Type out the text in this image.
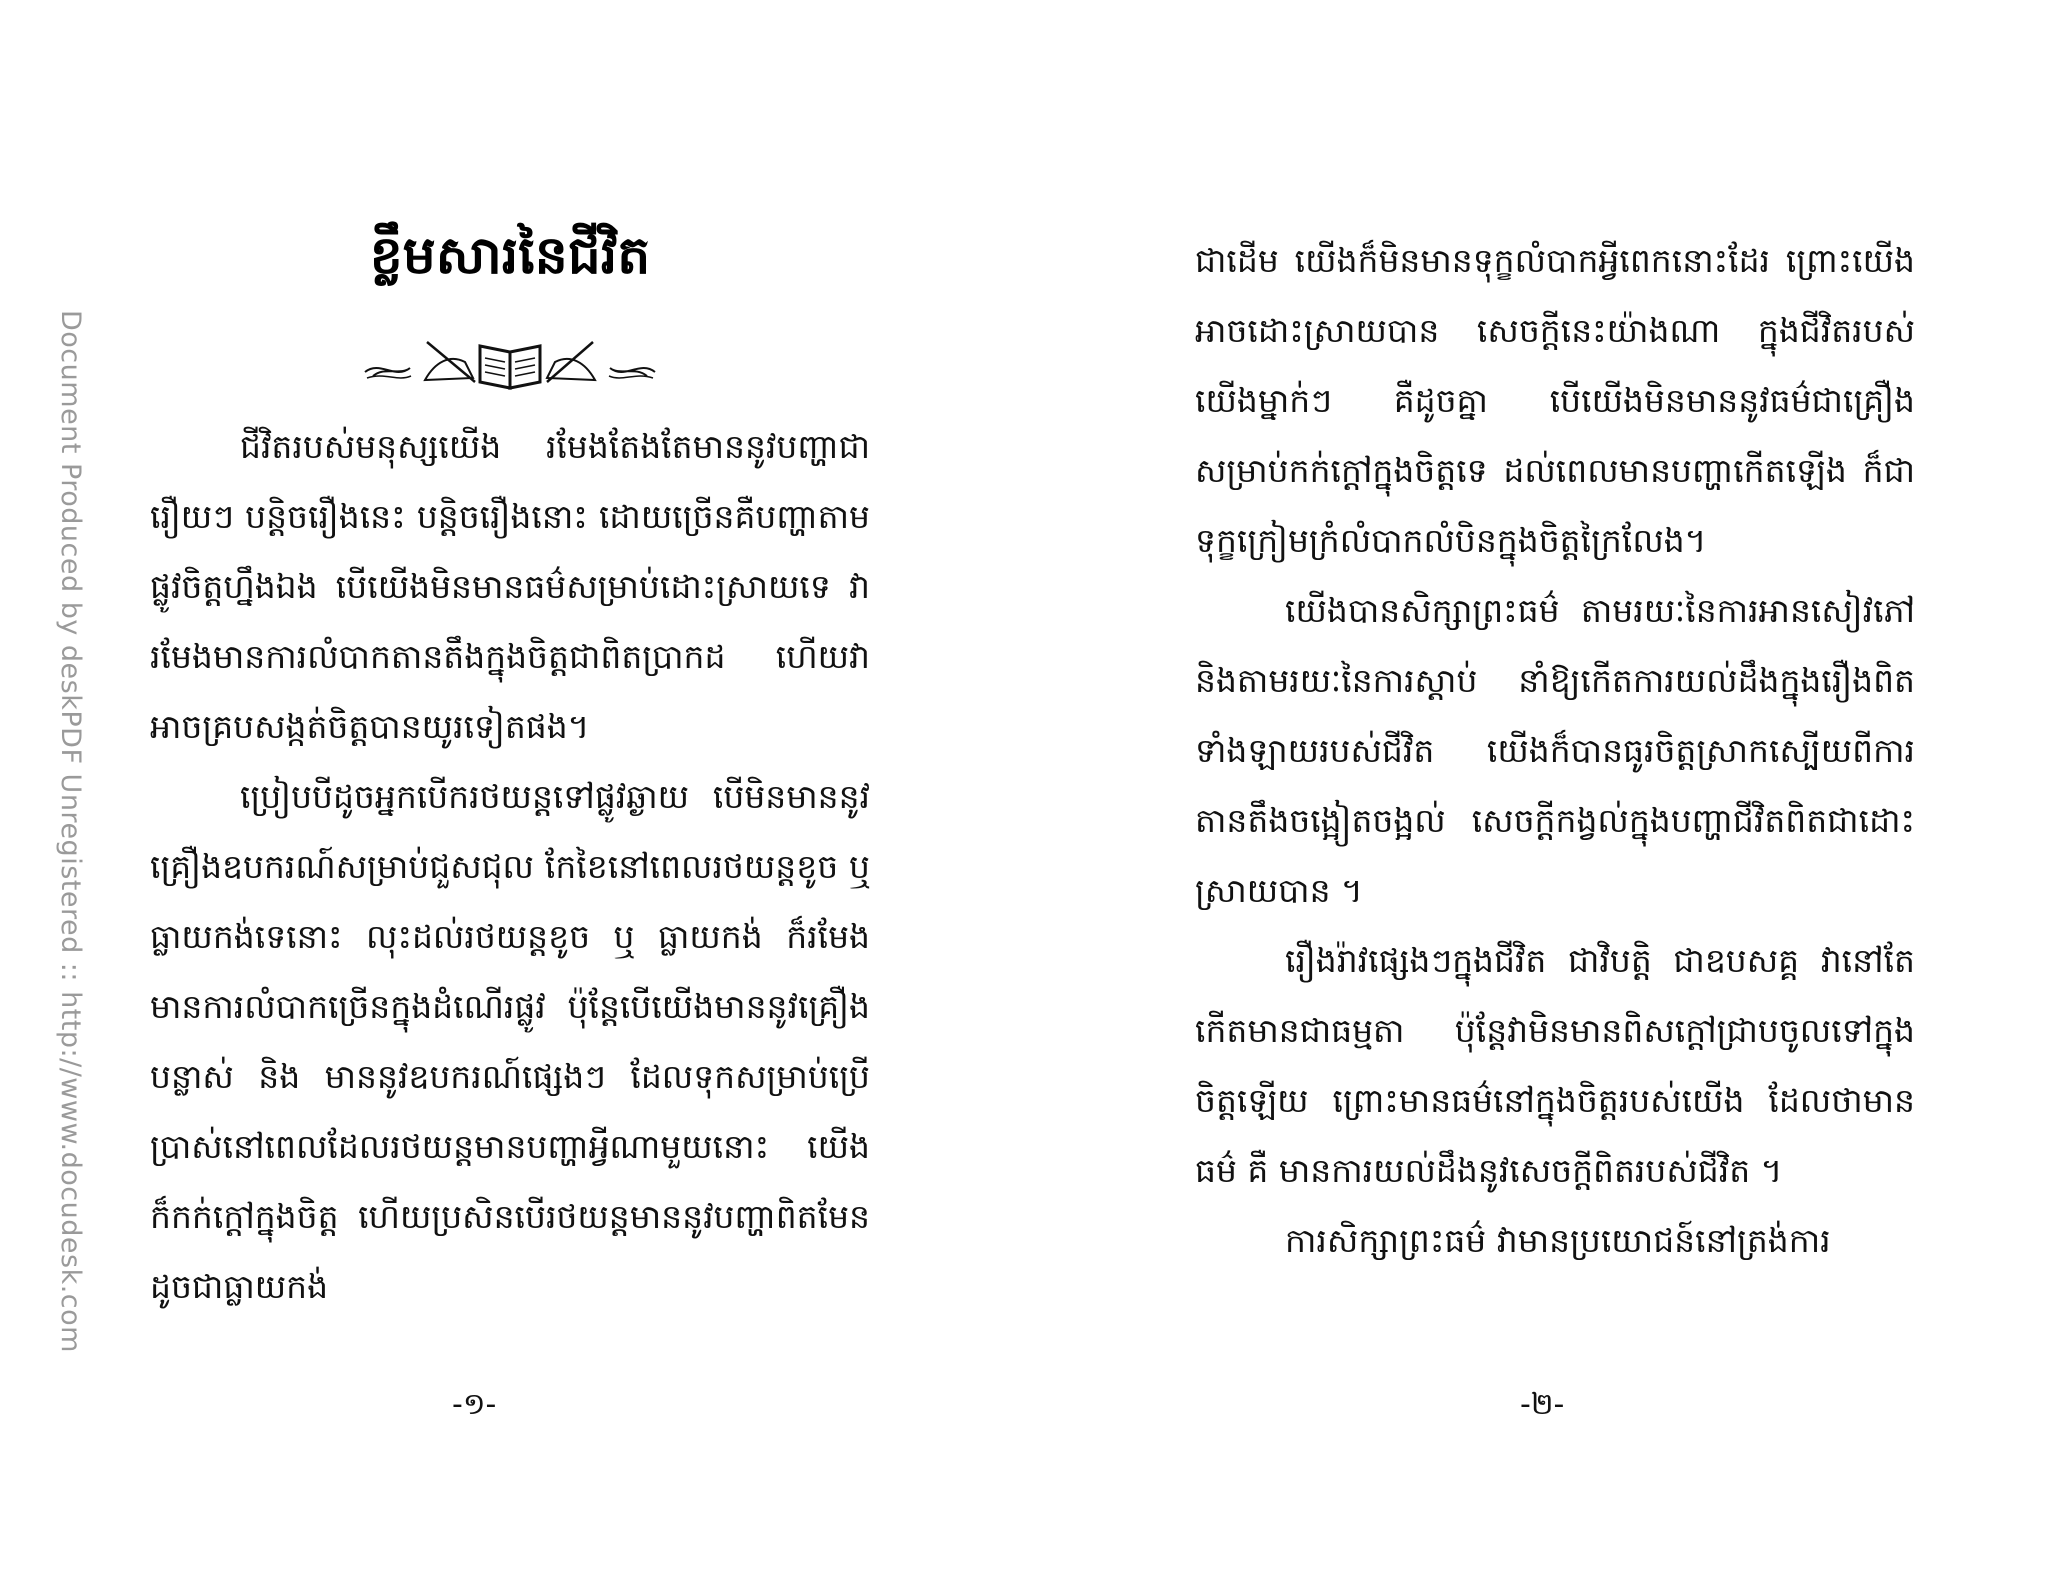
Document Produced by deskPDF Unregistered :: http://www.docudesk.com
ខ្លឹមសារនៃជីវិត

ជីវិតរបស់មនុស្សយើង រមែងតែងតែមាននូវបញ្ហាជារឿយៗ បន្តិចរឿងនេះ បន្តិចរឿងនោះ ដោយច្រើនគឺបញ្ហាតាមផ្លូវចិត្តហ្នឹងឯង បើយើងមិនមានធម៌សម្រាប់ដោះស្រាយទេ វារមែងមានការលំបាកតានតឹងក្នុងចិត្តជាពិតប្រាកដ ហើយវាអាចគ្របសង្កត់ចិត្តបានយូរទៀតផង។

ប្រៀបបីដូចអ្នកបើករថយន្តទៅផ្លូវឆ្ងាយ បើមិនមាននូវគ្រឿងឧបករណ៍សម្រាប់ជួសជុល កែខៃនៅពេលរថយន្តខូច ឬ ធ្លាយកង់ទេនោះ លុះដល់រថយន្តខូច ឬ ធ្លាយកង់ ក៏រមែងមានការលំបាកច្រើនក្នុងដំណើរផ្លូវ ប៉ុន្តែបើយើងមាននូវគ្រឿងបន្លាស់ និង មាននូវឧបករណ៍ផ្សេងៗ ដែលទុកសម្រាប់ប្រើប្រាស់នៅពេលដែលរថយន្តមានបញ្ហាអ្វីណាមួយនោះ យើងក៏កក់ក្តៅក្នុងចិត្ត ហើយប្រសិនបើរថយន្តមាននូវបញ្ហាពិតមែន ដូចជាធ្លាយកង់

ជាដើម យើងក៏មិនមានទុក្ខលំបាកអ្វីពេកនោះដែរ ព្រោះយើងអាចដោះស្រាយបាន សេចក្តីនេះយ៉ាងណា ក្នុងជីវិតរបស់យើងម្នាក់ៗ គឺដូចគ្នា បើយើងមិនមាននូវធម៌ជាគ្រឿងសម្រាប់កក់ក្តៅក្នុងចិត្តទេ ដល់ពេលមានបញ្ហាកើតឡើង ក៏ជាទុក្ខក្រៀមក្រំលំបាកលំបិនក្នុងចិត្តក្រៃលែង។

យើងបានសិក្សាព្រះធម៌ តាមរយៈនៃការអានសៀវភៅ និងតាមរយៈនៃការស្តាប់ នាំឱ្យកើតការយល់ដឹងក្នុងរឿងពិតទាំងឡាយរបស់ជីវិត យើងក៏បានធូរចិត្តស្រាកស្បើយពីការតានតឹងចង្អៀតចង្អល់ សេចក្តីកង្វល់ក្នុងបញ្ហាជីវិតពិតជាដោះស្រាយបាន ។

រឿងរ៉ាវផ្សេងៗក្នុងជីវិត ជាវិបត្តិ ជាឧបសគ្គ វានៅតែកើតមានជាធម្មតា ប៉ុន្តែវាមិនមានពិសក្តៅជ្រាបចូលទៅក្នុងចិត្តឡើយ ព្រោះមានធម៌នៅក្នុងចិត្តរបស់យើង ដែលថាមានធម៌ គឺ មានការយល់ដឹងនូវសេចក្តីពិតរបស់ជីវិត ។

ការសិក្សាព្រះធម៌ វាមានប្រយោជន៍នៅត្រង់ការ

-១-	-២-
